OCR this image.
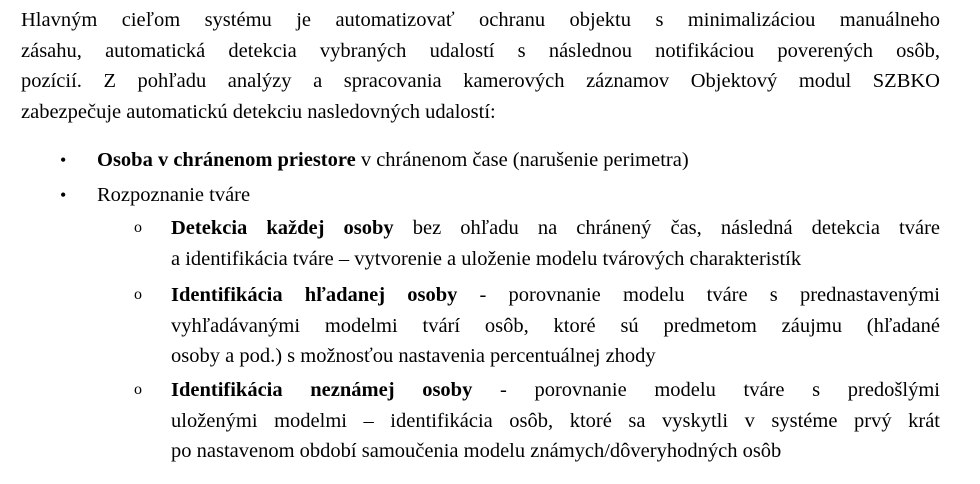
Hlavným cieľom systému je automatizovať ochranu objektu s minimalizáciou manuálneho
zásahu, automatická detekcia vybraných udalostí s následnou notifikáciou poverených osôb,
pozícií. Z pohľadu analýzy a spracovania kamerových záznamov Objektový modul SZBKO
zabezpečuje automatickú detekciu nasledovných udalostí:
• Osoba v chránenom priestore v chránenom čase (narušenie perimetra)
• Rozpoznanie tváre
o Detekcia každej osoby bez ohľadu na chránený čas, následná detekcia tváre
a identifikácia tváre – vytvorenie a uloženie modelu tvárových charakteristík
o Identifikácia hľadanej osoby - porovnanie modelu tváre s prednastavenými
vyhľadávanými modelmi tvárí osôb, ktoré sú predmetom záujmu (hľadané
osoby a pod.) s možnosťou nastavenia percentuálnej zhody
o Identifikácia neznámej osoby - porovnanie modelu tváre s predošlými
uloženými modelmi – identifikácia osôb, ktoré sa vyskytli v systéme prvý krát
po nastavenom období samoučenia modelu známych/dôveryhodných osôb
